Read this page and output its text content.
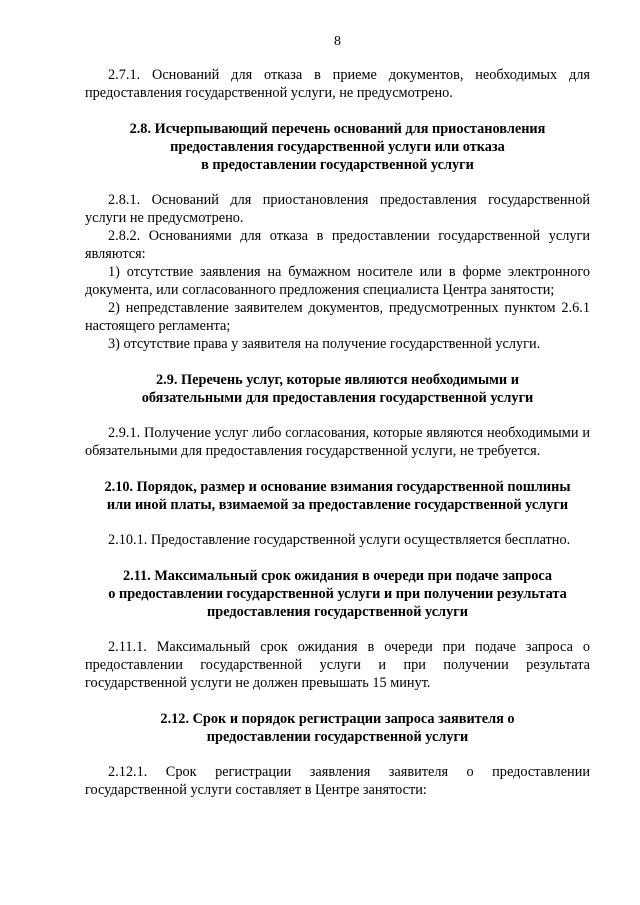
8

2.7.1. Оснований для отказа в приеме документов, необходимых для предоставления государственной услуги, не предусмотрено.

2.8. Исчерпывающий перечень оснований для приостановления
предоставления государственной услуги или отказа
в предоставлении государственной услуги

2.8.1. Оснований для приостановления предоставления государственной услуги не предусмотрено.

2.8.2. Основаниями для отказа в предоставлении государственной услуги являются:

1) отсутствие заявления на бумажном носителе или в форме электронного документа, или согласованного предложения специалиста Центра занятости;

2) непредставление заявителем документов, предусмотренных пунктом 2.6.1 настоящего регламента;

3) отсутствие права у заявителя на получение государственной услуги.

2.9. Перечень услуг, которые являются необходимыми и
обязательными для предоставления государственной услуги

2.9.1. Получение услуг либо согласования, которые являются необходимыми и обязательными для предоставления государственной услуги, не требуется.

2.10. Порядок, размер и основание взимания государственной пошлины
или иной платы, взимаемой за предоставление государственной услуги

2.10.1. Предоставление государственной услуги осуществляется бесплатно.

2.11. Максимальный срок ожидания в очереди при подаче запроса
о предоставлении государственной услуги и при получении результата
предоставления государственной услуги

2.11.1. Максимальный срок ожидания в очереди при подаче запроса о предоставлении государственной услуги и при получении результата государственной услуги не должен превышать 15 минут.

2.12. Срок и порядок регистрации запроса заявителя о
предоставлении государственной услуги

2.12.1. Срок регистрации заявления заявителя о предоставлении государственной услуги составляет в Центре занятости:
